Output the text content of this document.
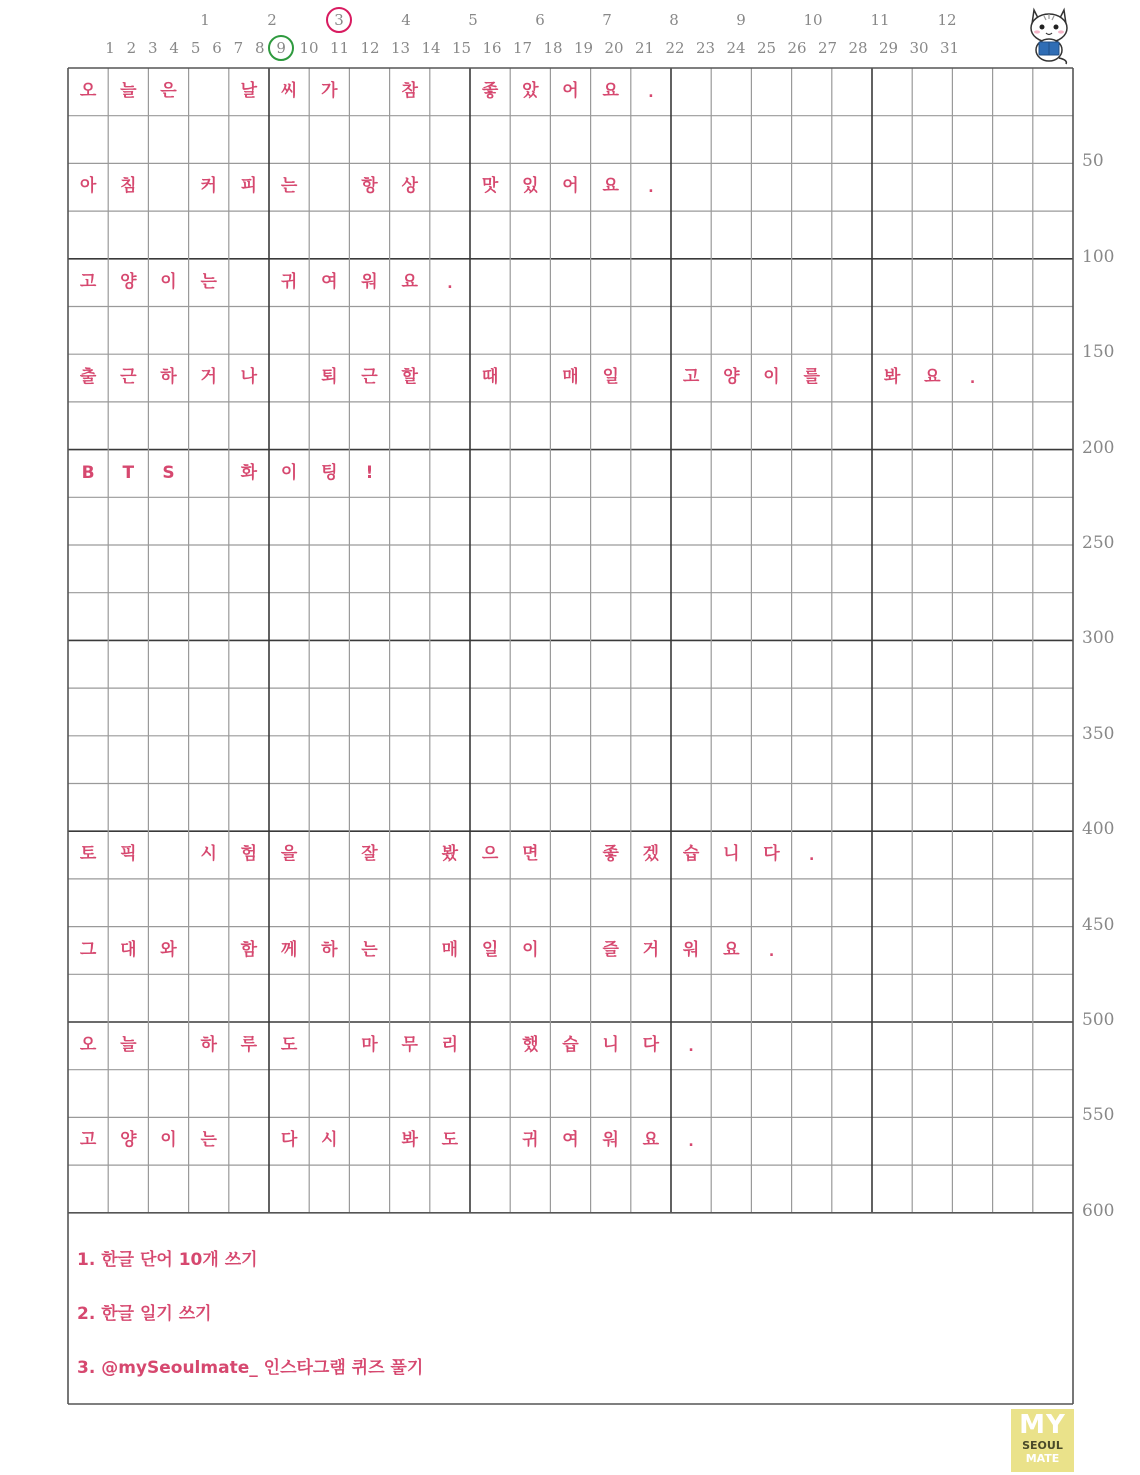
1	2	3	4	5	6	7	8	9	10	11	12
1 2 3 4 5 6 7 8 9 10 11 12 13 14 15 16 17 18 19 20 21 22 23 24 25 26 27 28 29 30 31
오	늘	은	날	씨	가	참	좋	았	어	요	.
아	침	커	피	는	항	상	맛	있	어	요	.
고	양	이	는	귀	여	워	요	.
출	근	하	거	나	퇴	근	할	때	매	일	고	양	이	를	봐	요	.
B	T	S	화	이	팅	!
토	픽	시	험	을	잘	봤	으	면	좋	겠	습	니	다	.
그	대	와	함	께	하	는	매	일	이	즐	거	워	요	.
오	늘	하	루	도	마	무	리	했	습	니	다	.
고	양	이	는	다	시	봐	도	귀	여	워	요	.
50
100
150
200
250
300
350
400
450
500
550
600
1. 한글 단어 10개 쓰기
2. 한글 일기 쓰기
3. @mySeoulmate_ 인스타그램 퀴즈 풀기
MY
SEOUL
MATE
